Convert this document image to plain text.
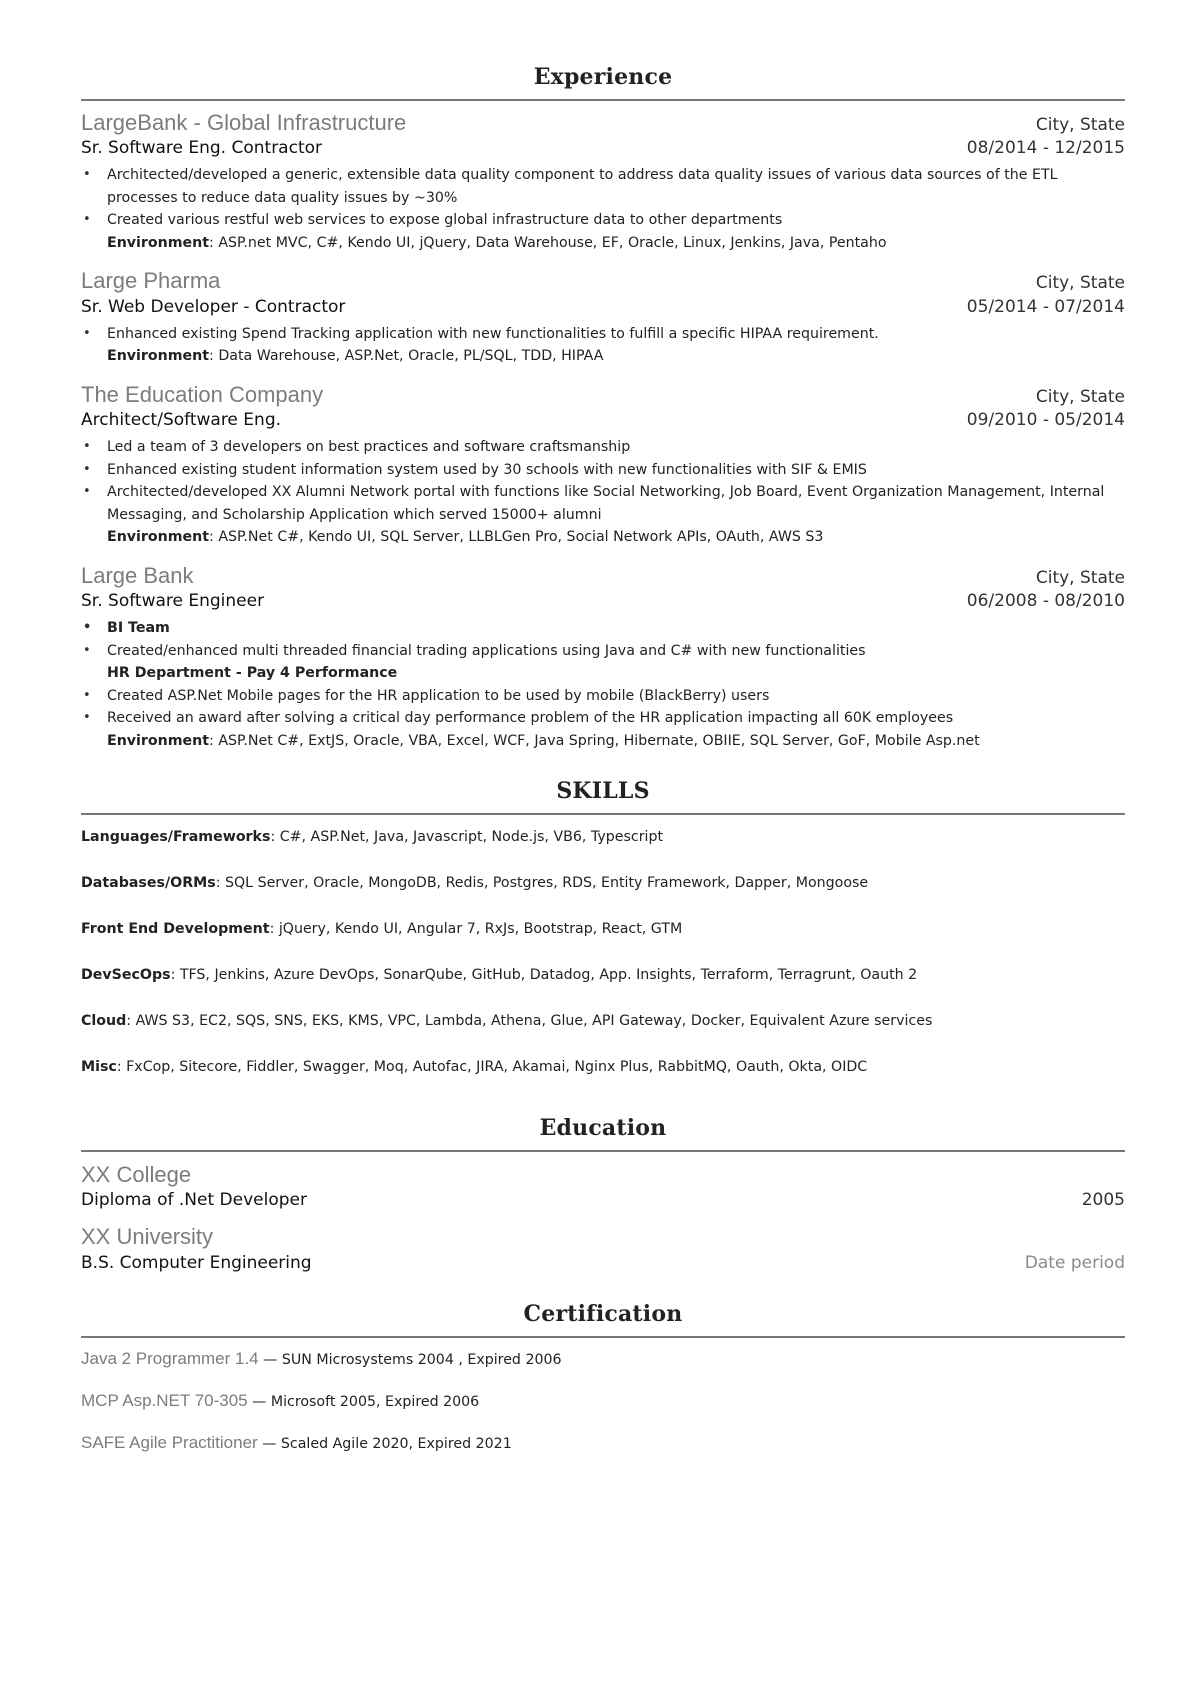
Experience
LargeBank - Global Infrastructure	City, State
Sr. Software Eng. Contractor	08/2014 - 12/2015
• Architected/developed a generic, extensible data quality component to address data quality issues of various data sources of the ETL processes to reduce data quality issues by ~30%
• Created various restful web services to expose global infrastructure data to other departments
Environment: ASP.net MVC, C#, Kendo UI, jQuery, Data Warehouse, EF, Oracle, Linux, Jenkins, Java, Pentaho
Large Pharma	City, State
Sr. Web Developer - Contractor	05/2014 - 07/2014
• Enhanced existing Spend Tracking application with new functionalities to fulfill a specific HIPAA requirement.
Environment: Data Warehouse, ASP.Net, Oracle, PL/SQL, TDD, HIPAA
The Education Company	City, State
Architect/Software Eng.	09/2010 - 05/2014
• Led a team of 3 developers on best practices and software craftsmanship
• Enhanced existing student information system used by 30 schools with new functionalities with SIF & EMIS
• Architected/developed XX Alumni Network portal with functions like Social Networking, Job Board, Event Organization Management, Internal Messaging, and Scholarship Application which served 15000+ alumni
Environment: ASP.Net C#, Kendo UI, SQL Server, LLBLGen Pro, Social Network APIs, OAuth, AWS S3
Large Bank	City, State
Sr. Software Engineer	06/2008 - 08/2010
• BI Team
• Created/enhanced multi threaded financial trading applications using Java and C# with new functionalities
HR Department - Pay 4 Performance
• Created ASP.Net Mobile pages for the HR application to be used by mobile (BlackBerry) users
• Received an award after solving a critical day performance problem of the HR application impacting all 60K employees
Environment: ASP.Net C#, ExtJS, Oracle, VBA, Excel, WCF, Java Spring, Hibernate, OBIIE, SQL Server, GoF, Mobile Asp.net
SKILLS

Languages/Frameworks: C#, ASP.Net, Java, Javascript, Node.js, VB6, Typescript

Databases/ORMs: SQL Server, Oracle, MongoDB, Redis, Postgres, RDS, Entity Framework, Dapper, Mongoose

Front End Development: jQuery, Kendo UI, Angular 7, RxJs, Bootstrap, React, GTM

DevSecOps: TFS, Jenkins, Azure DevOps, SonarQube, GitHub, Datadog, App. Insights, Terraform, Terragrunt, Oauth 2

Cloud: AWS S3, EC2, SQS, SNS, EKS, KMS, VPC, Lambda, Athena, Glue, API Gateway, Docker, Equivalent Azure services

Misc: FxCop, Sitecore, Fiddler, Swagger, Moq, Autofac, JIRA, Akamai, Nginx Plus, RabbitMQ, Oauth, Okta, OIDC

Education
XX College
Diploma of .Net Developer	2005
XX University
B.S. Computer Engineering	Date period
Certification

Java 2 Programmer 1.4 — SUN Microsystems 2004 , Expired 2006

MCP Asp.NET 70-305 — Microsoft 2005, Expired 2006

SAFE Agile Practitioner — Scaled Agile 2020, Expired 2021
